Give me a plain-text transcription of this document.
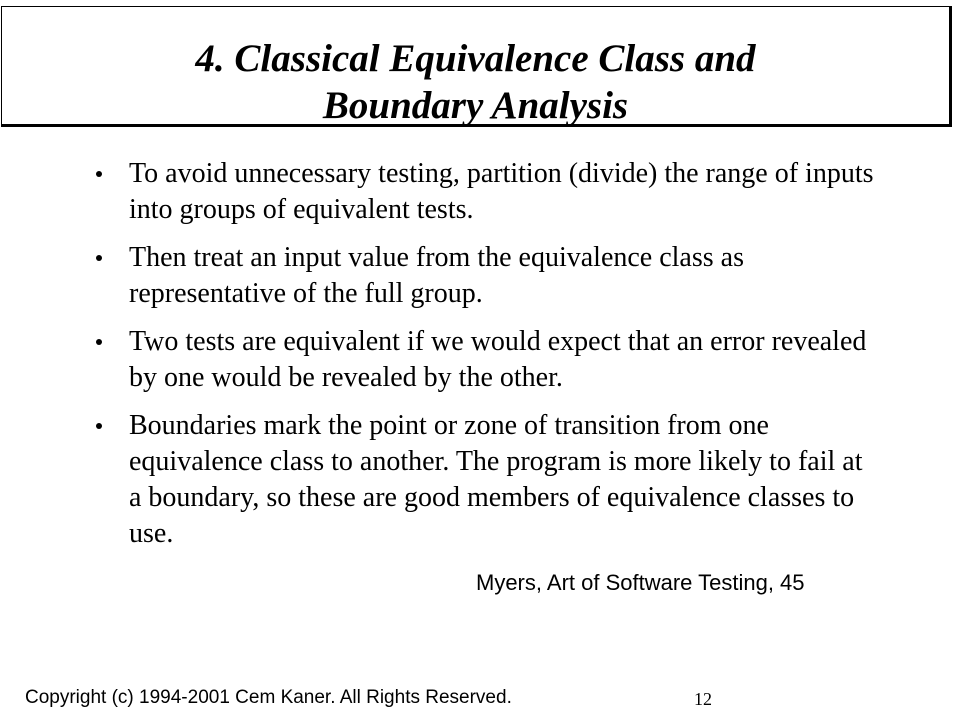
4. Classical Equivalence Class and
Boundary Analysis
To avoid unnecessary testing, partition (divide) the range of inputs into groups of equivalent tests.
Then treat an input value from the equivalence class as representative of the full group.
Two tests are equivalent if we would expect that an error revealed by one would be revealed by the other.
Boundaries mark the point or zone of transition from one equivalence class to another. The program is more likely to fail at a boundary, so these are good members of equivalence classes to use.
Myers, Art of Software Testing, 45
Copyright (c) 1994-2001 Cem Kaner. All Rights Reserved.	12
